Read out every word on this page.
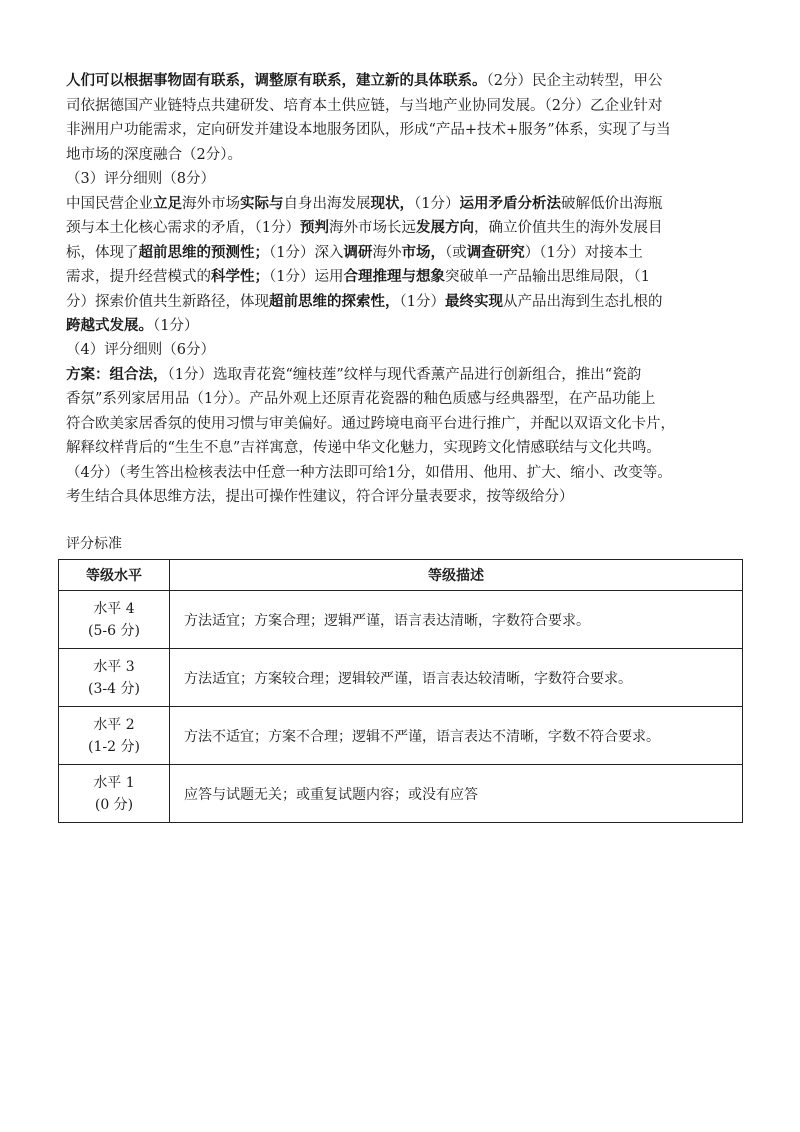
人们可以根据事物固有联系，调整原有联系，建立新的具体联系。（2分）民企主动转型，甲公
司依据德国产业链特点共建研发、培育本土供应链，与当地产业协同发展。（2分）乙企业针对
非洲用户功能需求，定向研发并建设本地服务团队，形成“产品+技术+服务”体系，实现了与当
地市场的深度融合（2分）。
（3）评分细则（8分）
中国民营企业立足海外市场实际与自身出海发展现状，（1分）运用矛盾分析法破解低价出海瓶
颈与本土化核心需求的矛盾，（1分）预判海外市场长远发展方向，确立价值共生的海外发展目
标，体现了超前思维的预测性；（1分）深入调研海外市场，（或调查研究）（1分）对接本土
需求，提升经营模式的科学性；（1分）运用合理推理与想象突破单一产品输出思维局限，（1
分）探索价值共生新路径，体现超前思维的探索性，（1分）最终实现从产品出海到生态扎根的
跨越式发展。（1分）
（4）评分细则（6分）
方案：组合法，（1分）选取青花瓷“缠枝莲”纹样与现代香薰产品进行创新组合，推出“瓷韵
香氛”系列家居用品（1分）。产品外观上还原青花瓷器的釉色质感与经典器型，在产品功能上
符合欧美家居香氛的使用习惯与审美偏好。通过跨境电商平台进行推广，并配以双语文化卡片，
解释纹样背后的“生生不息”吉祥寓意，传递中华文化魅力，实现跨文化情感联结与文化共鸣。
（4分）（考生答出检核表法中任意一种方法即可给1分，如借用、他用、扩大、缩小、改变等。
考生结合具体思维方法，提出可操作性建议，符合评分量表要求，按等级给分）
评分标准
等级水平	等级描述
水平 4
(5-6 分)	方法适宜；方案合理；逻辑严谨，语言表达清晰，字数符合要求。
水平 3
(3-4 分)	方法适宜；方案较合理；逻辑较严谨，语言表达较清晰，字数符合要求。
水平 2
(1-2 分)	方法不适宜；方案不合理；逻辑不严谨，语言表达不清晰，字数不符合要求。
水平 1
(0 分)	应答与试题无关；或重复试题内容；或没有应答
